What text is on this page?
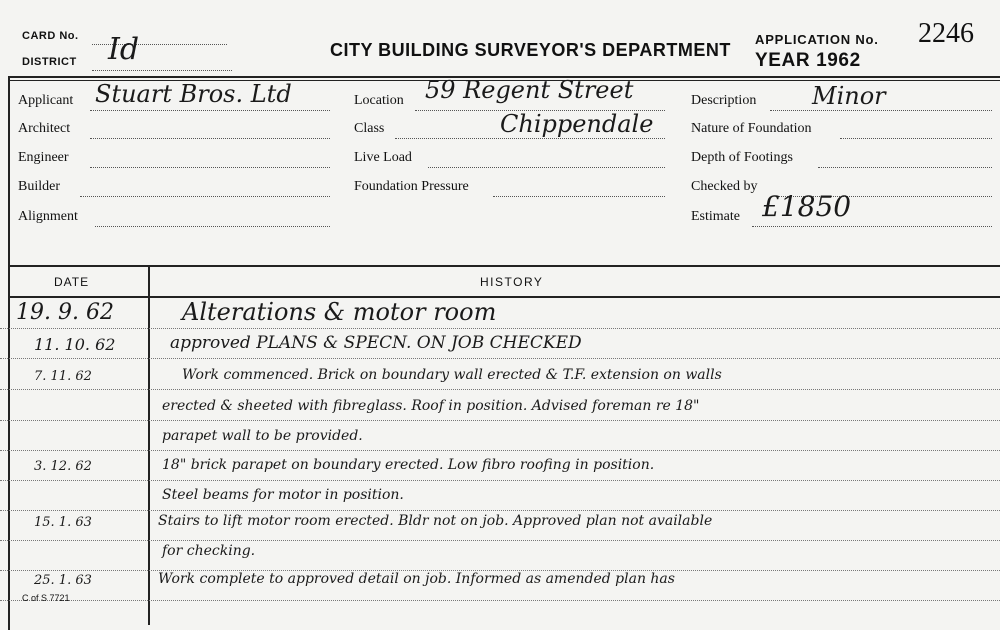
CARD No.
DISTRICT Id	CITY BUILDING SURVEYOR'S DEPARTMENT
APPLICATION No. 2246
YEAR 1962
Applicant Stuart Bros. Ltd
Architect
Engineer
Builder
Alignment
Location 59 Regent Street
Class	Chippendale
Live Load
Foundation Pressure
Description Minor
Nature of Foundation
Depth of Footings
Checked by
Estimate £1850
DATE	HISTORY
19. 9. 62	Alterations & motor room
11. 10. 62	approved PLANS & SPECN. ON JOB CHECKED
7. 11. 62	Work commenced. Brick on boundary wall erected & T.F. extension on walls
erected & sheeted with fibreglass. Roof in position. Advised foreman re 18"
parapet wall to be provided.
3. 12. 62	18" brick parapet on boundary erected. Low fibro roofing in position.
Steel beams for motor in position.
15. 1. 63	Stairs to lift motor room erected. Bldr not on job. Approved plan not available
for checking.
25. 1. 63	Work complete to approved detail on job. Informed as amended plan has
C of S 7721
